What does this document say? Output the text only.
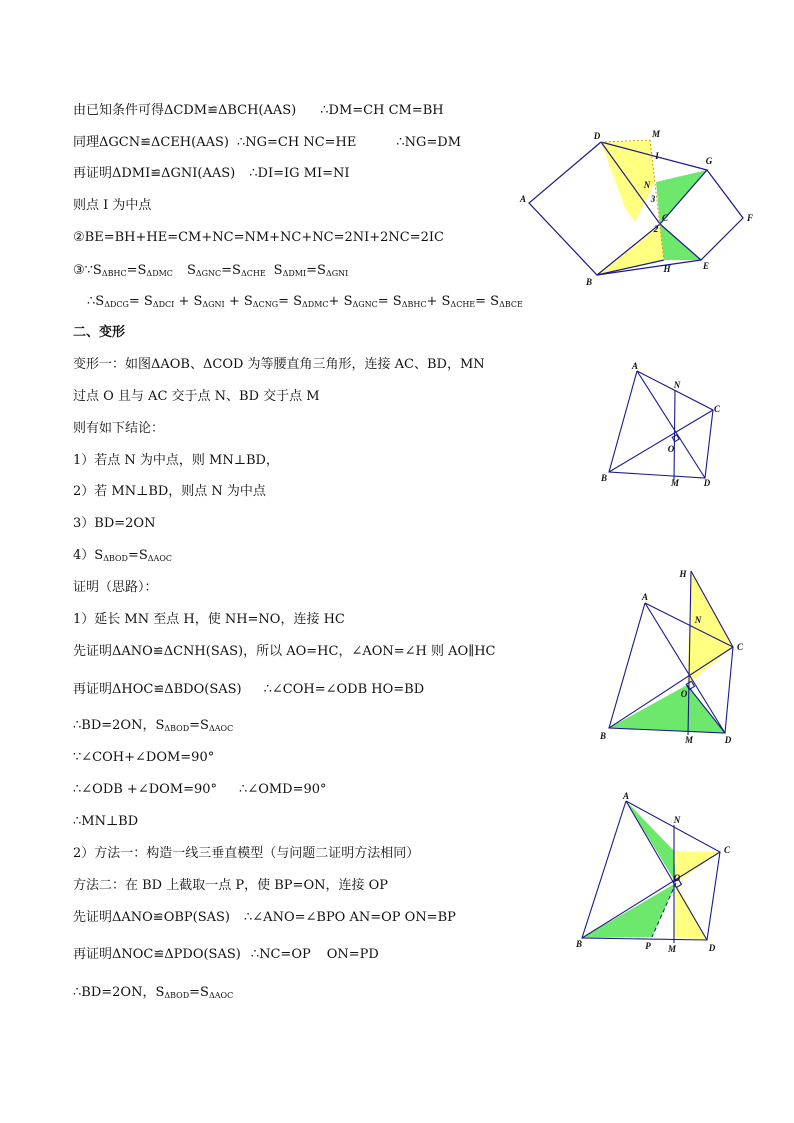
由已知条件可得ΔCDM≌ΔBCH(AAS) ∴DM=CH CM=BH
同理ΔGCN≌ΔCEH(AAS) ∴NG=CH NC=HE	∴NG=DM
再证明ΔDMI≌ΔGNI(AAS) ∴DI=IG MI=NI
则点 I 为中点
②BE=BH+HE=CM+NC=NM+NC+NC=2NI+2NC=2IC
$③\because S_{\Delta BHC}=S_{\Delta DMC}$ $S_{\Delta GNC}=S_{\Delta CHE}$ $S_{\Delta DMI}=S_{\Delta GNI}$
$\therefore S_{\Delta DCG}= S_{\Delta DCI} + S_{\Delta GNI} + S_{\Delta CNG}= S_{\Delta DMC}+ S_{\Delta GNC}= S_{\Delta BHC}+ S_{\Delta CHE}= S_{\Delta BCE}$
二、变形
变形一：如图ΔAOB、ΔCOD 为等腰直角三角形，连接 AC、BD，MN
过点 O 且与 AC 交于点 N、BD 交于点 M
则有如下结论：
1）若点 N 为中点，则 MN⊥BD，
2）若 MN⊥BD，则点 N 为中点
3）BD=2ON
$4)S_{\Delta BOD}=S_{\Delta AOC}$
证明（思路）：
1）延长 MN 至点 H，使 NH=NO，连接 HC
先证明ΔANO≌ΔCNH(SAS)，所以 AO=HC，∠AON=∠H 则 AO∥HC
再证明ΔHOC≌ΔBDO(SAS) ∴∠COH=∠ODB HO=BD
∴BD=2ON，$S_{\Delta BOD}=S_{\Delta AOC}$
∵∠COH+∠DOM=90°
∴∠ODB +∠DOM=90° ∴∠OMD=90°
∴MN⊥BD
2）方法一：构造一线三垂直模型（与问题二证明方法相同）
方法二：在 BD 上截取一点 P，使 BP=ON，连接 OP
先证明ΔANO≌OBP(SAS) ∴∠ANO=∠BPO AN=OP ON=BP
再证明ΔNOC≌ΔPDO(SAS) ∴NC=OP ON=PD
∴BD=2ON，$S_{\Delta BOD}=S_{\Delta AOC}$
D	M
I	G
N
3
C
2
A
F
B
H	E
A
N
C
O
B	M	D
H
A
N
C
O
B	M	D
A
N
C
O
B	P M	D
